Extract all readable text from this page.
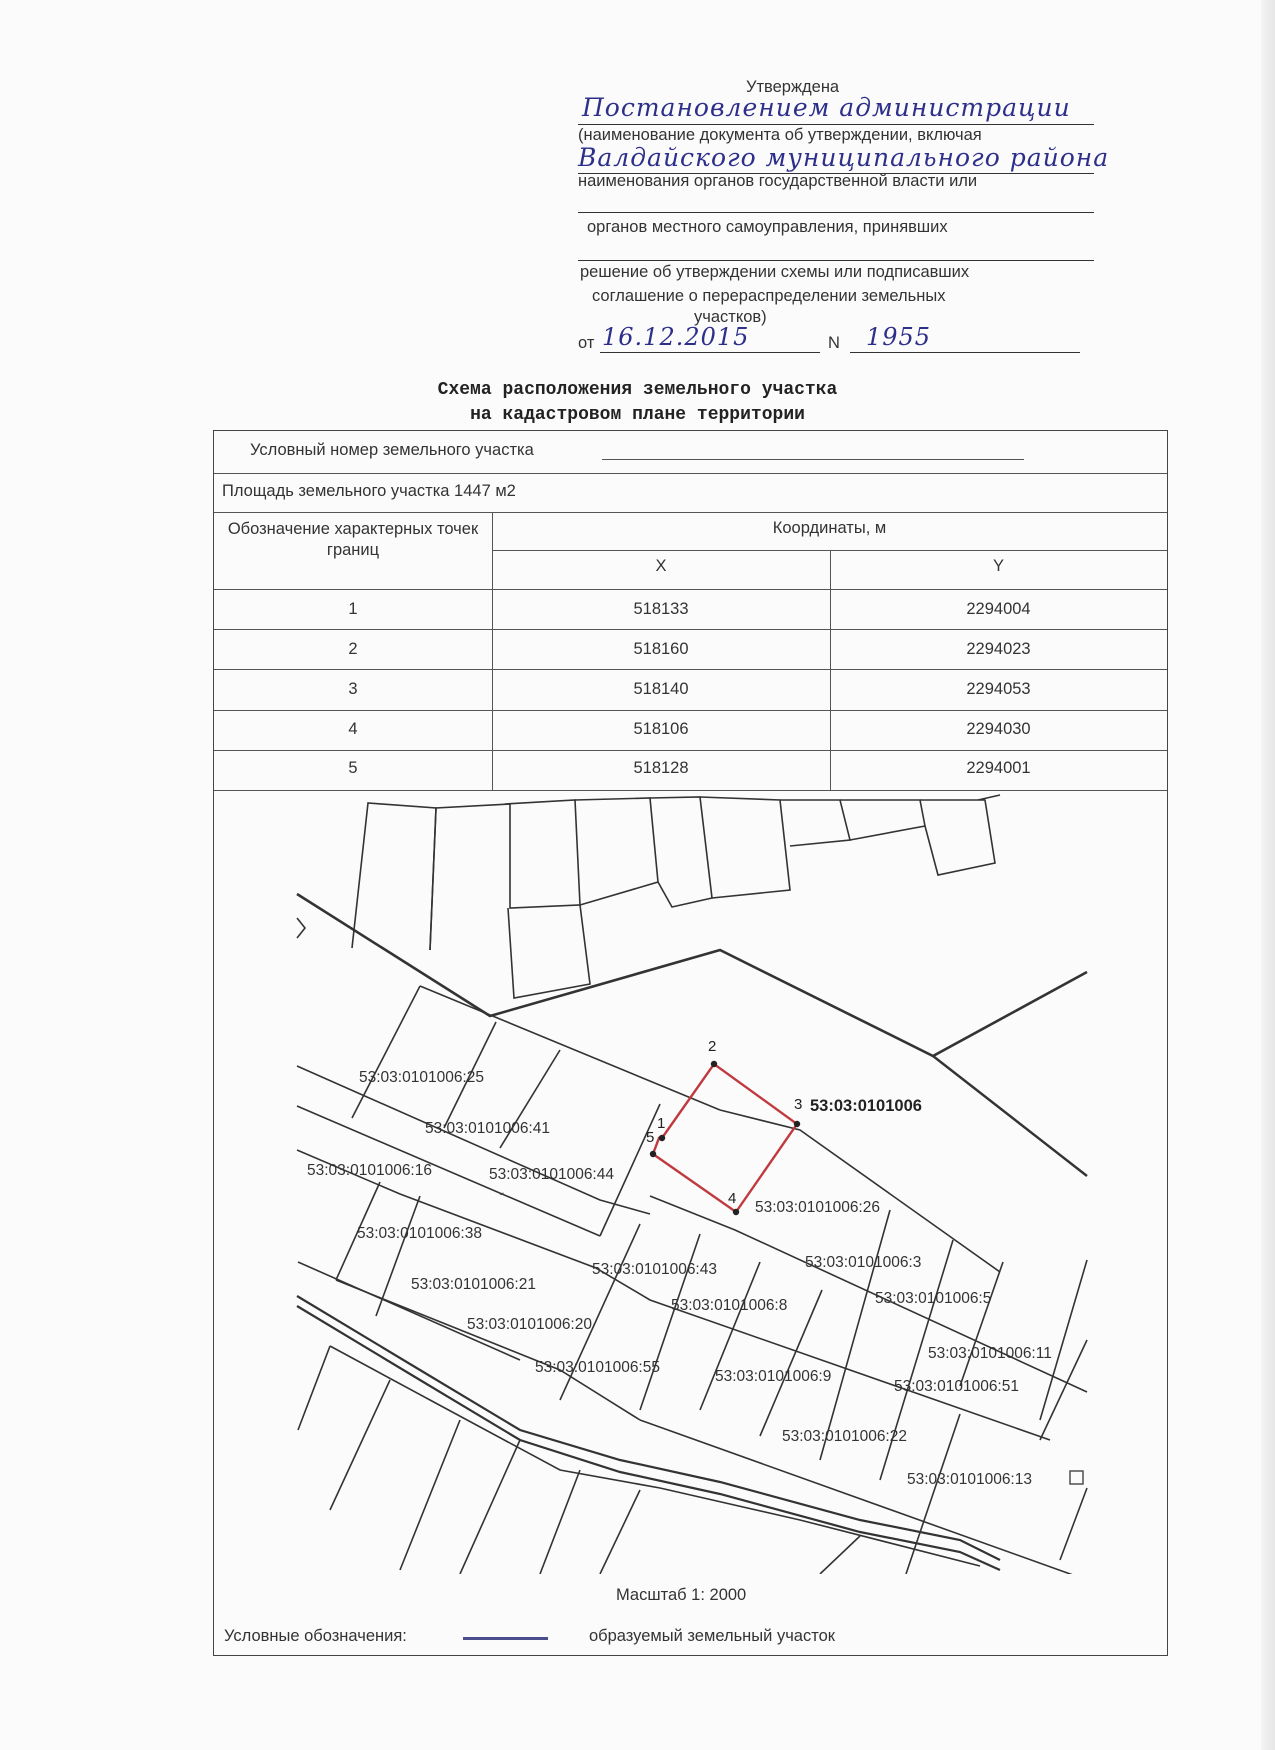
Утверждена
Постановлением администрации
(наименование документа об утверждении, включая
Валдайского муниципального района
наименования органов государственной власти или
органов местного самоуправления, принявших
решение об утверждении схемы или подписавших
соглашение о перераспределении земельных
участков)
от 16.12.2015	N 1955
Схема расположения земельного участка
на кадастровом плане территории
Условный номер земельного участка
Площадь земельного участка 1447 м2
Обозначение характерных точек границ
Координаты, м
X	Y
1	518133	2294004
2	518160	2294023
3	518140	2294053
4	518106	2294030
5	518128	2294001
ᵕ
1
2
3
4
5
53:03:0101006
53:03:0101006:25
53:03:0101006:41
53:03:0101006:16	53:03:0101006:44
53:03:0101006:38
53:03:0101006:26
53:03:0101006:3
53:03:0101006:43
53:03:0101006:21
53:03:0101006:8	53:03:0101006:5
53:03:0101006:20
53:03:0101006:55
53:03:0101006:9
53:03:0101006:11
53:03:0101006:51
53:03:0101006:22
53:03:0101006:13
Масштаб 1: 2000
Условные обозначения:	образуемый земельный участок
